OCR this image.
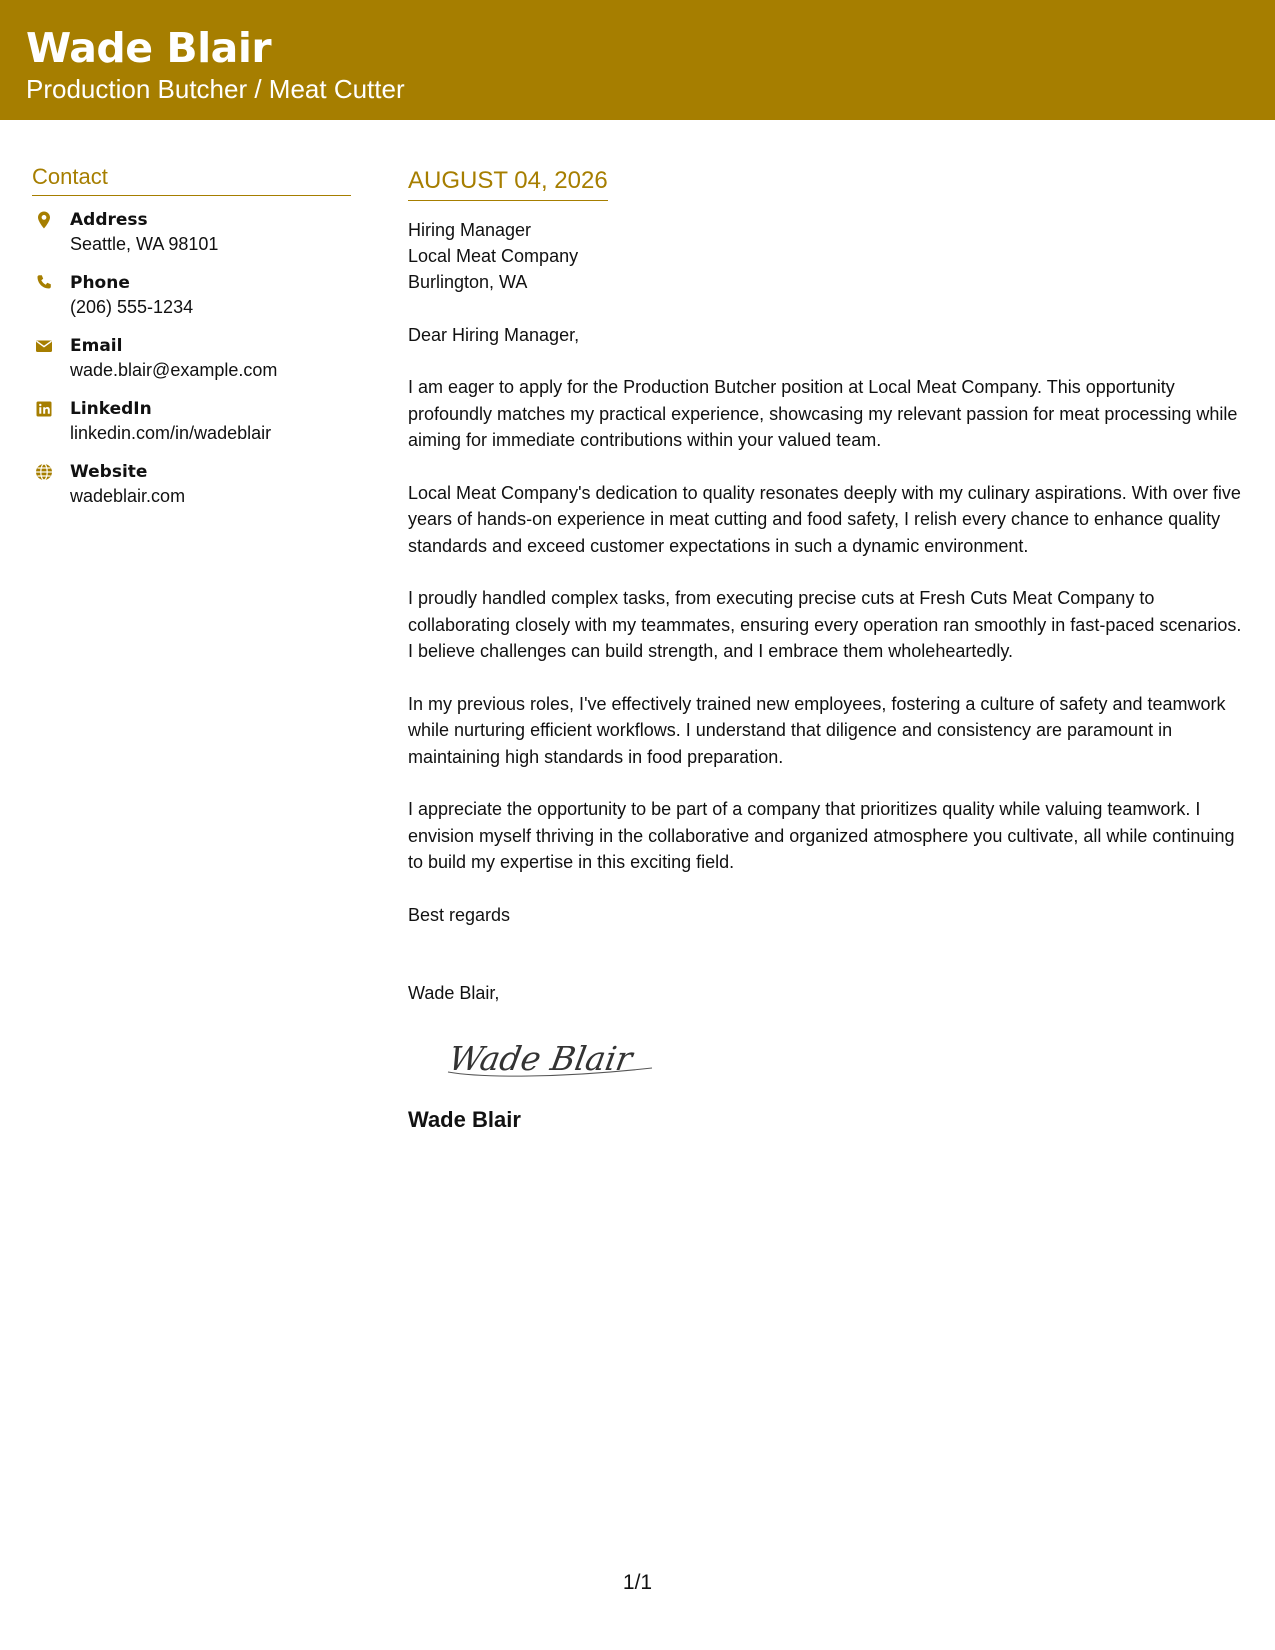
Wade Blair
Production Butcher / Meat Cutter
Contact
Address
Seattle, WA 98101
Phone
(206) 555-1234
Email
wade.blair@example.com
LinkedIn
linkedin.com/in/wadeblair
Website
wadeblair.com
AUGUST 04, 2026
Hiring Manager
Local Meat Company
Burlington, WA
Dear Hiring Manager,
I am eager to apply for the Production Butcher position at Local Meat Company. This opportunity profoundly matches my practical experience, showcasing my relevant passion for meat processing while aiming for immediate contributions within your valued team.
Local Meat Company's dedication to quality resonates deeply with my culinary aspirations. With over five years of hands-on experience in meat cutting and food safety, I relish every chance to enhance quality standards and exceed customer expectations in such a dynamic environment.
I proudly handled complex tasks, from executing precise cuts at Fresh Cuts Meat Company to collaborating closely with my teammates, ensuring every operation ran smoothly in fast-paced scenarios. I believe challenges can build strength, and I embrace them wholeheartedly.
In my previous roles, I've effectively trained new employees, fostering a culture of safety and teamwork while nurturing efficient workflows. I understand that diligence and consistency are paramount in maintaining high standards in food preparation.
I appreciate the opportunity to be part of a company that prioritizes quality while valuing teamwork. I envision myself thriving in the collaborative and organized atmosphere you cultivate, all while continuing to build my expertise in this exciting field.
Best regards
Wade Blair,
Wade Blair
Wade Blair
1/1
